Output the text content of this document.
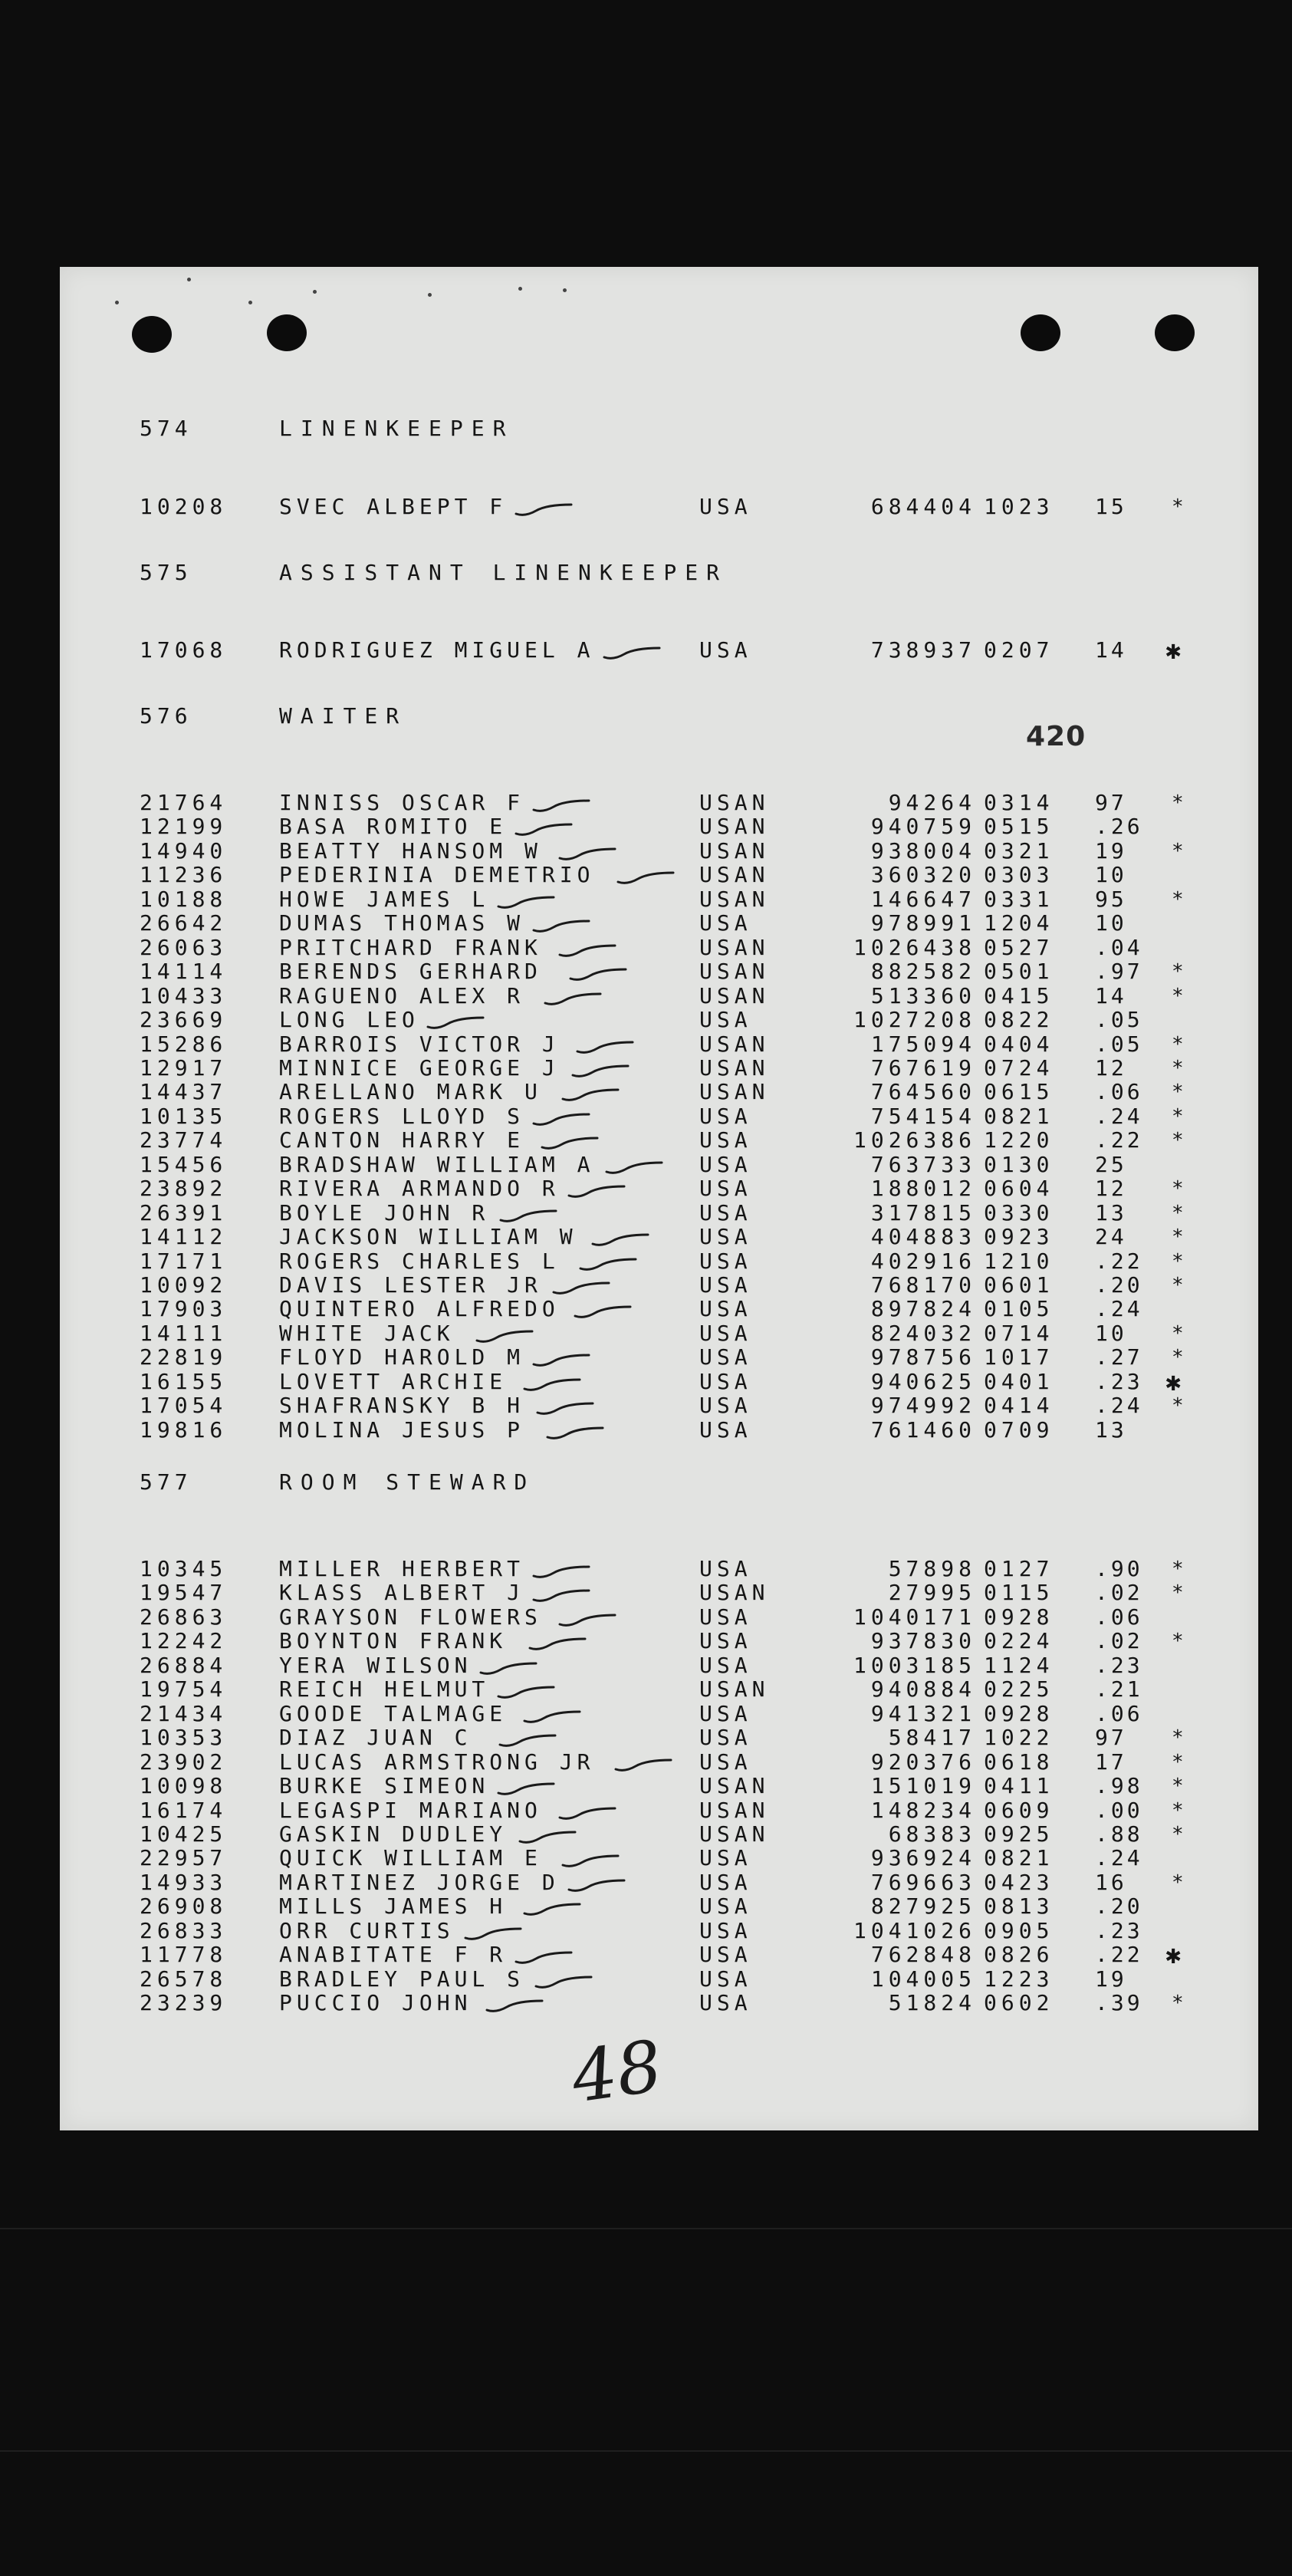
574	LINENKEEPER
10208 SVEC ALBEPT F	USA	684404 1023 15 *
575	ASSISTANT LINENKEEPER
17068 RODRIGUEZ MIGUEL A	USA	738937 0207 14 ✱
576	WAITER
21764 INNISS OSCAR F	USAN	94264 0314 97 *
12199 BASA ROMITO E	USAN	940759 0515 .26
14940 BEATTY HANSOM W	USAN	938004 0321 19 *
11236 PEDERINIA DEMETRIO	USAN	360320 0303 10
10188 HOWE JAMES L	USAN	146647 0331 95 *
26642 DUMAS THOMAS W	USA	978991 1204 10
26063 PRITCHARD FRANK	USAN	1026438 0527 .04
14114 BERENDS GERHARD	USAN	882582 0501 .97 *
10433 RAGUENO ALEX R	USAN	513360 0415 14 *
23669 LONG LEO	USA	1027208 0822 .05
15286 BARROIS VICTOR J	USAN	175094 0404 .05 *
12917 MINNICE GEORGE J	USAN	767619 0724 12 *
14437 ARELLANO MARK U	USAN	764560 0615 .06 *
10135 ROGERS LLOYD S	USA	754154 0821 .24 *
23774 CANTON HARRY E	USA	1026386 1220 .22 *
15456 BRADSHAW WILLIAM A	USA	763733 0130 25
23892 RIVERA ARMANDO R	USA	188012 0604 12 *
26391 BOYLE JOHN R	USA	317815 0330 13 *
14112 JACKSON WILLIAM W	USA	404883 0923 24 *
17171 ROGERS CHARLES L	USA	402916 1210 .22 *
10092 DAVIS LESTER JR	USA	768170 0601 .20 *
17903 QUINTERO ALFREDO	USA	897824 0105 .24
14111 WHITE JACK	USA	824032 0714 10 *
22819 FLOYD HAROLD M	USA	978756 1017 .27 *
16155 LOVETT ARCHIE	USA	940625 0401 .23 ✱
17054 SHAFRANSKY B H	USA	974992 0414 .24 *
19816 MOLINA JESUS P	USA	761460 0709 13
577	ROOM STEWARD
10345 MILLER HERBERT	USA	57898 0127 .90 *
19547 KLASS ALBERT J	USAN	27995 0115 .02 *
26863 GRAYSON FLOWERS	USA	1040171 0928 .06
12242 BOYNTON FRANK	USA	937830 0224 .02 *
26884 YERA WILSON	USA	1003185 1124 .23
19754 REICH HELMUT	USAN	940884 0225 .21
21434 GOODE TALMAGE	USA	941321 0928 .06
10353 DIAZ JUAN C	USA	58417 1022 97 *
23902 LUCAS ARMSTRONG JR	USA	920376 0618 17 *
10098 BURKE SIMEON	USAN	151019 0411 .98 *
16174 LEGASPI MARIANO	USAN	148234 0609 .00 *
10425 GASKIN DUDLEY	USAN	68383 0925 .88 *
22957 QUICK WILLIAM E	USA	936924 0821 .24
14933 MARTINEZ JORGE D	USA	769663 0423 16 *
26908 MILLS JAMES H	USA	827925 0813 .20
26833 ORR CURTIS	USA	1041026 0905 .23
11778 ANABITATE F R	USA	762848 0826 .22 ✱
26578 BRADLEY PAUL S	USA	104005 1223 19
23239 PUCCIO JOHN	USA	51824 0602 .39 *
420
48
